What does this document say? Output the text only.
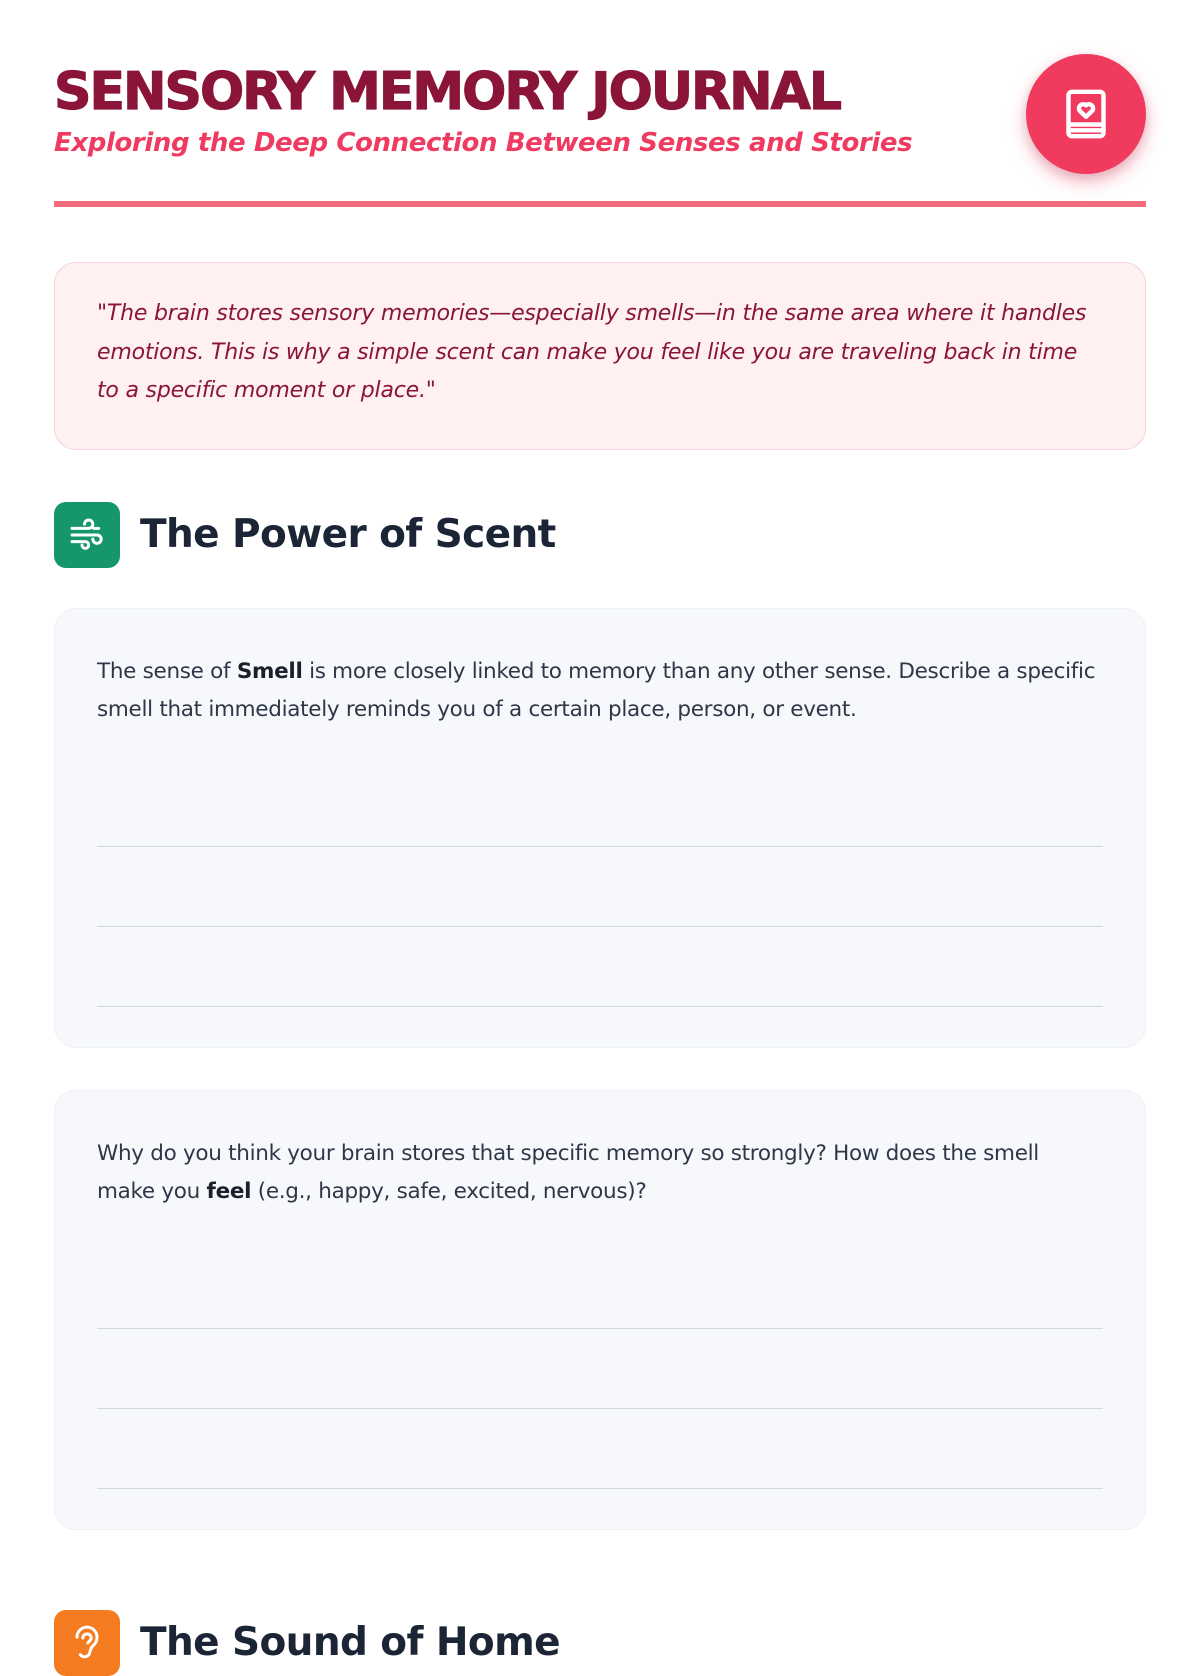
SENSORY MEMORY JOURNAL
Exploring the Deep Connection Between Senses and Stories

"The brain stores sensory memories—especially smells—in the same area where it handles emotions. This is why a simple scent can make you feel like you are traveling back in time to a specific moment or place."

The Power of Scent

The sense of Smell is more closely linked to memory than any other sense. Describe a specific smell that immediately reminds you of a certain place, person, or event.

Why do you think your brain stores that specific memory so strongly? How does the smell make you feel (e.g., happy, safe, excited, nervous)?

The Sound of Home
